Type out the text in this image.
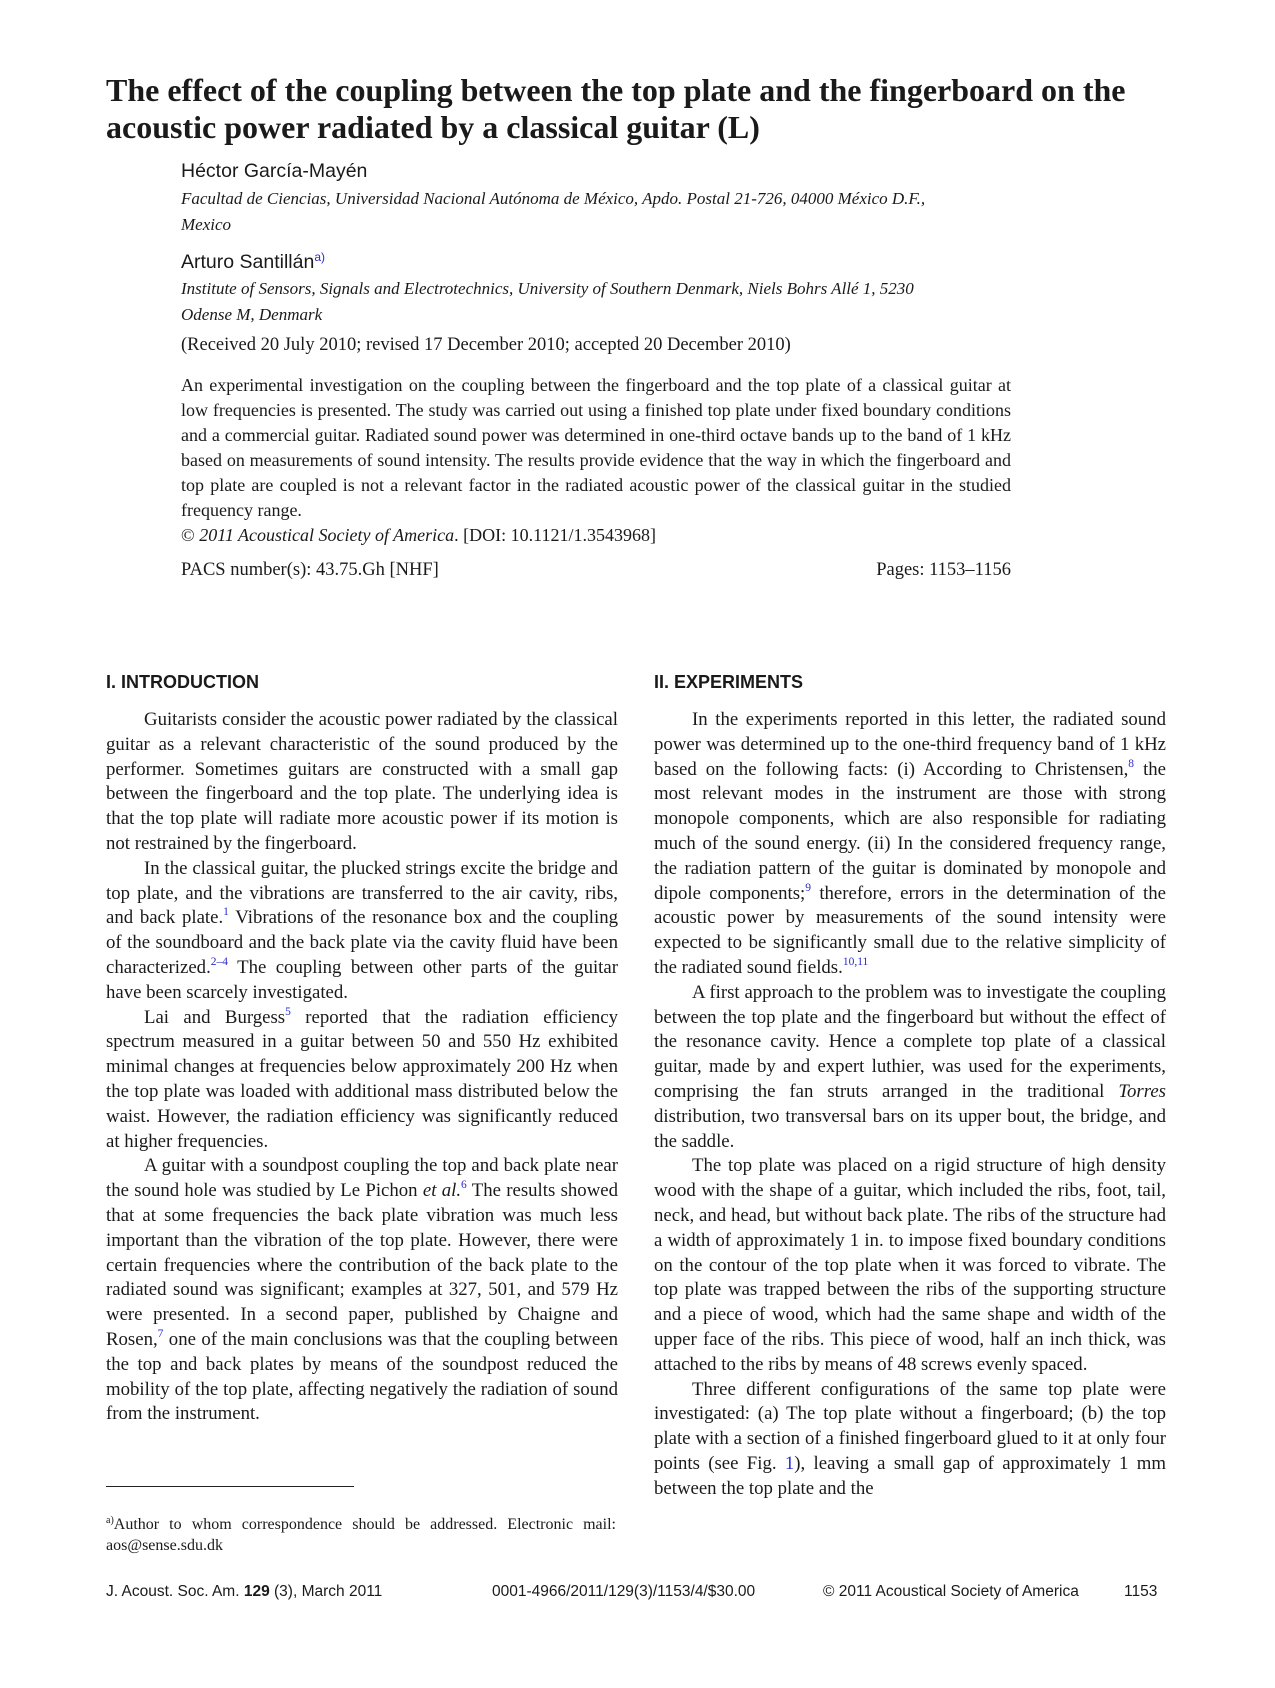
The effect of the coupling between the top plate and the fingerboard on the acoustic power radiated by a classical guitar (L)

Héctor García-Mayén

Facultad de Ciencias, Universidad Nacional Autónoma de México, Apdo. Postal 21-726, 04000 México D.F.,
Mexico

Arturo Santillán$^{a)}$

Institute of Sensors, Signals and Electrotechnics, University of Southern Denmark, Niels Bohrs Allé 1, 5230
Odense M, Denmark

(Received 20 July 2010; revised 17 December 2010; accepted 20 December 2010)

An experimental investigation on the coupling between the fingerboard and the top plate of a classical guitar at low frequencies is presented. The study was carried out using a finished top plate under fixed boundary conditions and a commercial guitar. Radiated sound power was determined in one-third octave bands up to the band of 1 kHz based on measurements of sound intensity. The results provide evidence that the way in which the fingerboard and top plate are coupled is not a relevant factor in the radiated acoustic power of the classical guitar in the studied frequency range.
© 2011 Acoustical Society of America. [DOI: 10.1121/1.3543968]
PACS number(s): 43.75.Gh [NHF]	Pages: 1153–1156
I. INTRODUCTION

Guitarists consider the acoustic power radiated by the classical guitar as a relevant characteristic of the sound produced by the performer. Sometimes guitars are constructed with a small gap between the fingerboard and the top plate. The underlying idea is that the top plate will radiate more acoustic power if its motion is not restrained by the fingerboard.

In the classical guitar, the plucked strings excite the bridge and top plate, and the vibrations are transferred to the air cavity, ribs, and back plate.$^1$ Vibrations of the resonance box and the coupling of the soundboard and the back plate via the cavity fluid have been characterized.$^{2-4}$ The coupling between other parts of the guitar have been scarcely investigated.

Lai and Burgess$^5$ reported that the radiation efficiency spectrum measured in a guitar between 50 and 550 Hz exhibited minimal changes at frequencies below approximately 200 Hz when the top plate was loaded with additional mass distributed below the waist. However, the radiation efficiency was significantly reduced at higher frequencies.

A guitar with a soundpost coupling the top and back plate near the sound hole was studied by Le Pichon et al.$^6$ The results showed that at some frequencies the back plate vibration was much less important than the vibration of the top plate. However, there were certain frequencies where the contribution of the back plate to the radiated sound was significant; examples at 327, 501, and 579 Hz were presented. In a second paper, published by Chaigne and Rosen,$^7$ one of the main conclusions was that the coupling between the top and back plates by means of the soundpost reduced the mobility of the top plate, affecting negatively the radiation of sound from the instrument.

II. EXPERIMENTS

In the experiments reported in this letter, the radiated sound power was determined up to the one-third frequency band of 1 kHz based on the following facts: (i) According to Christensen,$^8$ the most relevant modes in the instrument are those with strong monopole components, which are also responsible for radiating much of the sound energy. (ii) In the considered frequency range, the radiation pattern of the guitar is dominated by monopole and dipole components;$^9$ therefore, errors in the determination of the acoustic power by measurements of the sound intensity were expected to be significantly small due to the relative simplicity of the radiated sound fields.$^{10,11}$

A first approach to the problem was to investigate the coupling between the top plate and the fingerboard but without the effect of the resonance cavity. Hence a complete top plate of a classical guitar, made by and expert luthier, was used for the experiments, comprising the fan struts arranged in the traditional Torres distribution, two transversal bars on its upper bout, the bridge, and the saddle.

The top plate was placed on a rigid structure of high density wood with the shape of a guitar, which included the ribs, foot, tail, neck, and head, but without back plate. The ribs of the structure had a width of approximately 1 in. to impose fixed boundary conditions on the contour of the top plate when it was forced to vibrate. The top plate was trapped between the ribs of the supporting structure and a piece of wood, which had the same shape and width of the upper face of the ribs. This piece of wood, half an inch thick, was attached to the ribs by means of 48 screws evenly spaced.

Three different configurations of the same top plate were investigated: (a) The top plate without a fingerboard; (b) the top plate with a section of a finished fingerboard glued to it at only four points (see Fig. 1), leaving a small gap of approximately 1 mm between the top plate and the

$^{a)}$Author to whom correspondence should be addressed. Electronic mail: aos@sense.sdu.dk

J. Acoust. Soc. Am. 129 (3), March 2011	0001-4966/2011/129(3)/1153/4/$30.00	© 2011 Acoustical Society of America	1153
